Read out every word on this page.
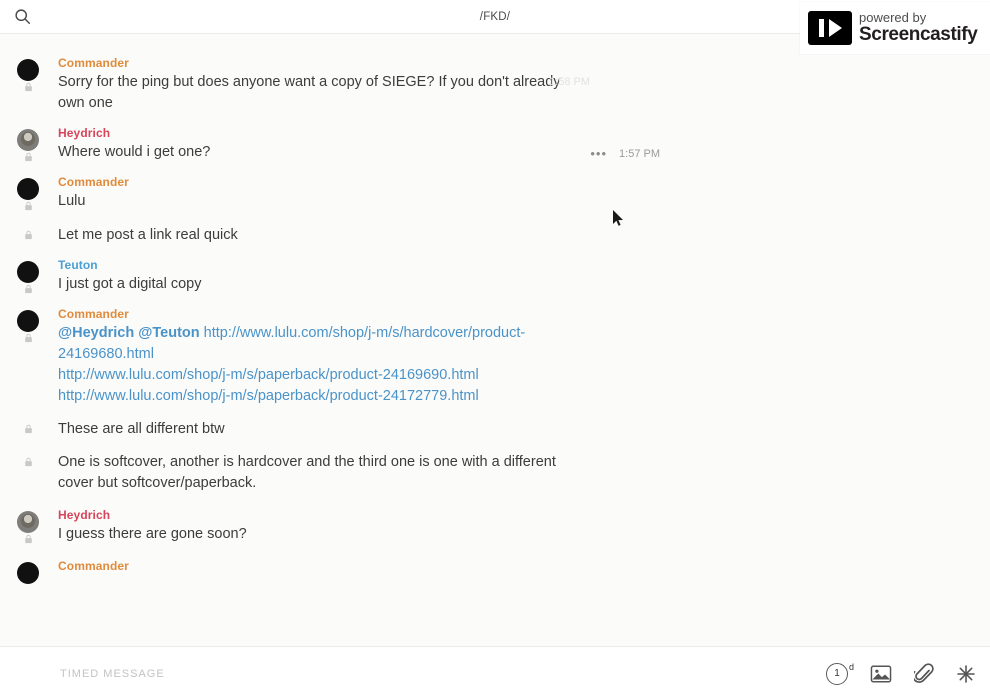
/FKD/	powered by
Screencastify
Commander
Sorry for the ping but does anyone want a copy of SIEGE? If you don't already own one
1:58 PM
Heydrich
Where would i get one?	••• 1:57 PM
Commander
Lulu
Let me post a link real quick
Teuton
I just got a digital copy
Commander
@Heydrich @Teuton http://www.lulu.com/shop/j-m/s/hardcover/product-24169680.html
http://www.lulu.com/shop/j-m/s/paperback/product-24169690.html
http://www.lulu.com/shop/j-m/s/paperback/product-24172779.html
These are all different btw
One is softcover, another is hardcover and the third one is one with a different cover but softcover/paperback.
Heydrich
I guess there are gone soon?
Commander
TIMED MESSAGE	1
d
